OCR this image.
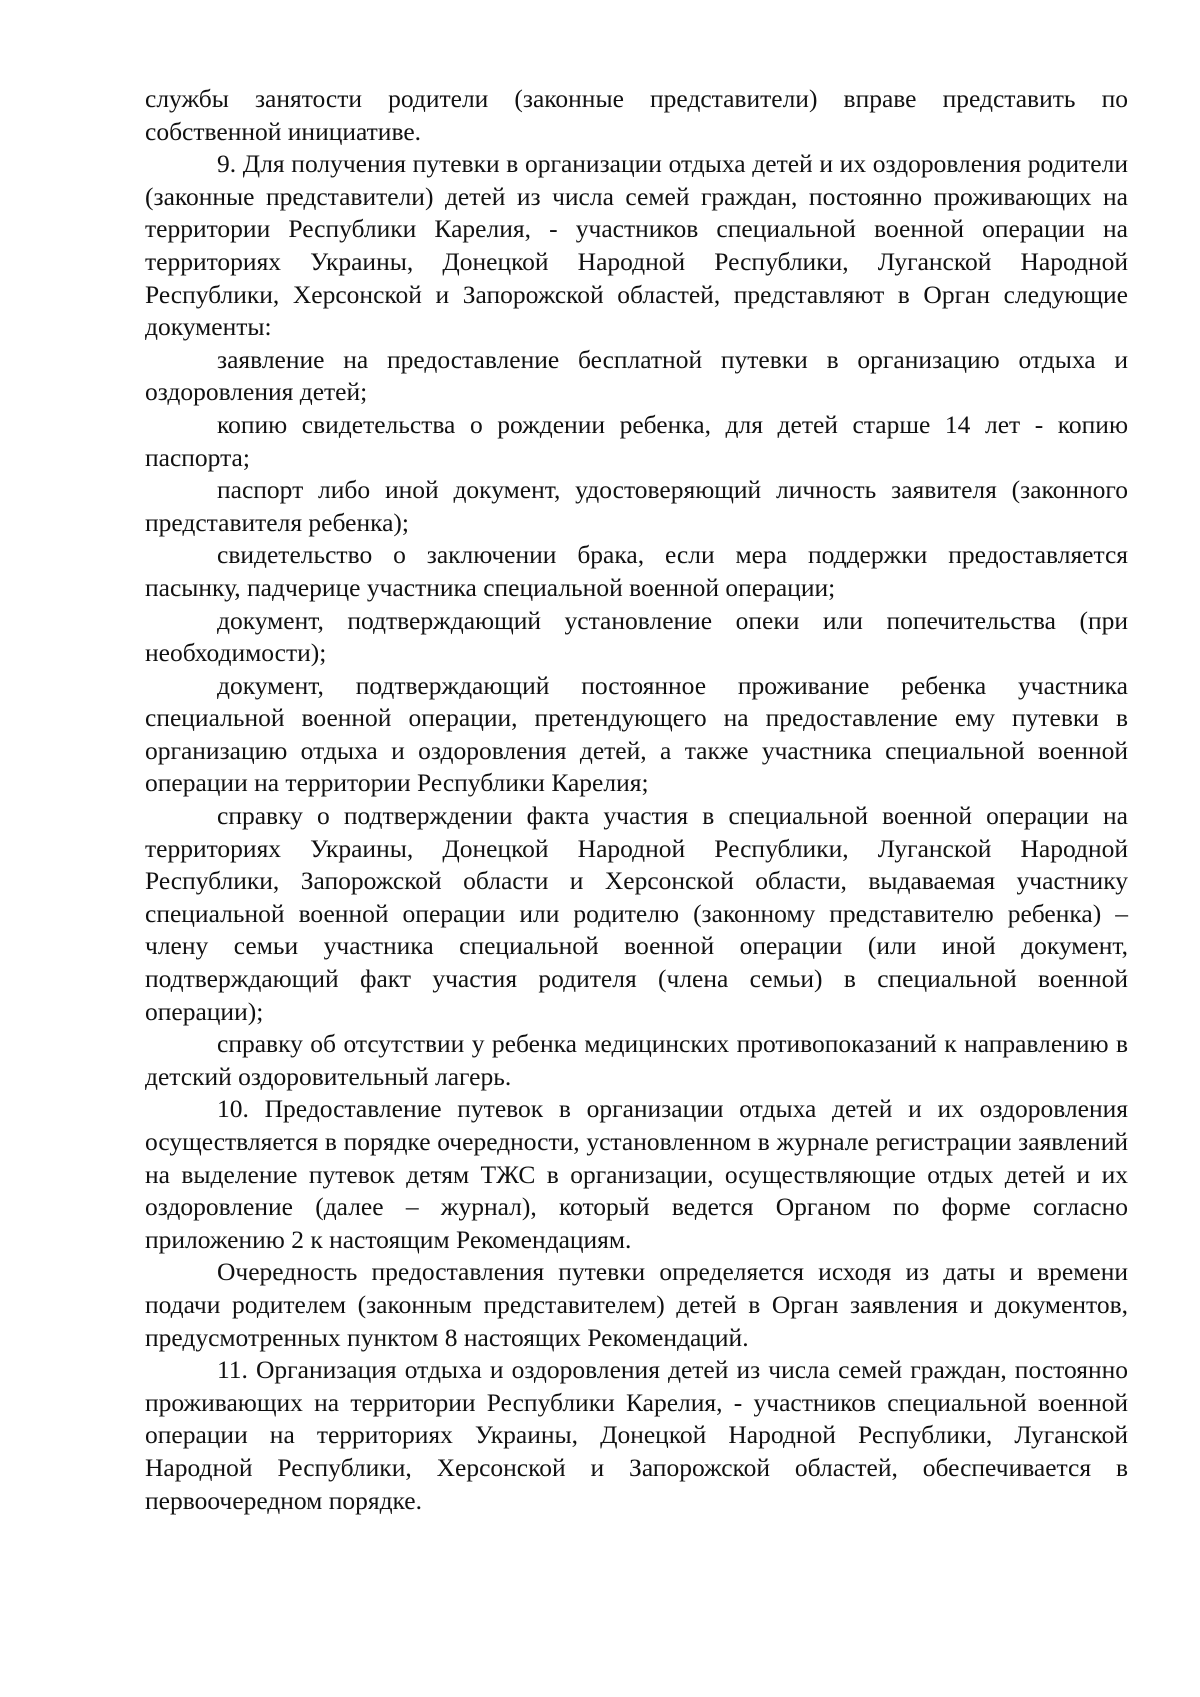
службы занятости родители (законные представители) вправе представить по собственной инициативе.

9. Для получения путевки в организации отдыха детей и их оздоровления родители (законные представители) детей из числа семей граждан, постоянно проживающих на территории Республики Карелия, - участников специальной военной операции на территориях Украины, Донецкой Народной Республики, Луганской Народной Республики, Херсонской и Запорожской областей, представляют в Орган следующие документы:

заявление на предоставление бесплатной путевки в организацию отдыха и оздоровления детей;

копию свидетельства о рождении ребенка, для детей старше 14 лет - копию паспорта;

паспорт либо иной документ, удостоверяющий личность заявителя (законного представителя ребенка);

свидетельство о заключении брака, если мера поддержки предоставляется пасынку, падчерице участника специальной военной операции;

документ, подтверждающий установление опеки или попечительства (при необходимости);

документ, подтверждающий постоянное проживание ребенка участника специальной военной операции, претендующего на предоставление ему путевки в организацию отдыха и оздоровления детей, а также участника специальной военной операции на территории Республики Карелия;

справку о подтверждении факта участия в специальной военной операции на территориях Украины, Донецкой Народной Республики, Луганской Народной Республики, Запорожской области и Херсонской области, выдаваемая участнику специальной военной операции или родителю (законному представителю ребенка) – члену семьи участника специальной военной операции (или иной документ, подтверждающий факт участия родителя (члена семьи) в специальной военной операции);

справку об отсутствии у ребенка медицинских противопоказаний к направлению в детский оздоровительный лагерь.

10. Предоставление путевок в организации отдыха детей и их оздоровления осуществляется в порядке очередности, установленном в журнале регистрации заявлений на выделение путевок детям ТЖС в организации, осуществляющие отдых детей и их оздоровление (далее – журнал), который ведется Органом по форме согласно приложению 2 к настоящим Рекомендациям.

Очередность предоставления путевки определяется исходя из даты и времени подачи родителем (законным представителем) детей в Орган заявления и документов, предусмотренных пунктом 8 настоящих Рекомендаций.

11. Организация отдыха и оздоровления детей из числа семей граждан, постоянно проживающих на территории Республики Карелия, - участников специальной военной операции на территориях Украины, Донецкой Народной Республики, Луганской Народной Республики, Херсонской и Запорожской областей, обеспечивается в первоочередном порядке.
